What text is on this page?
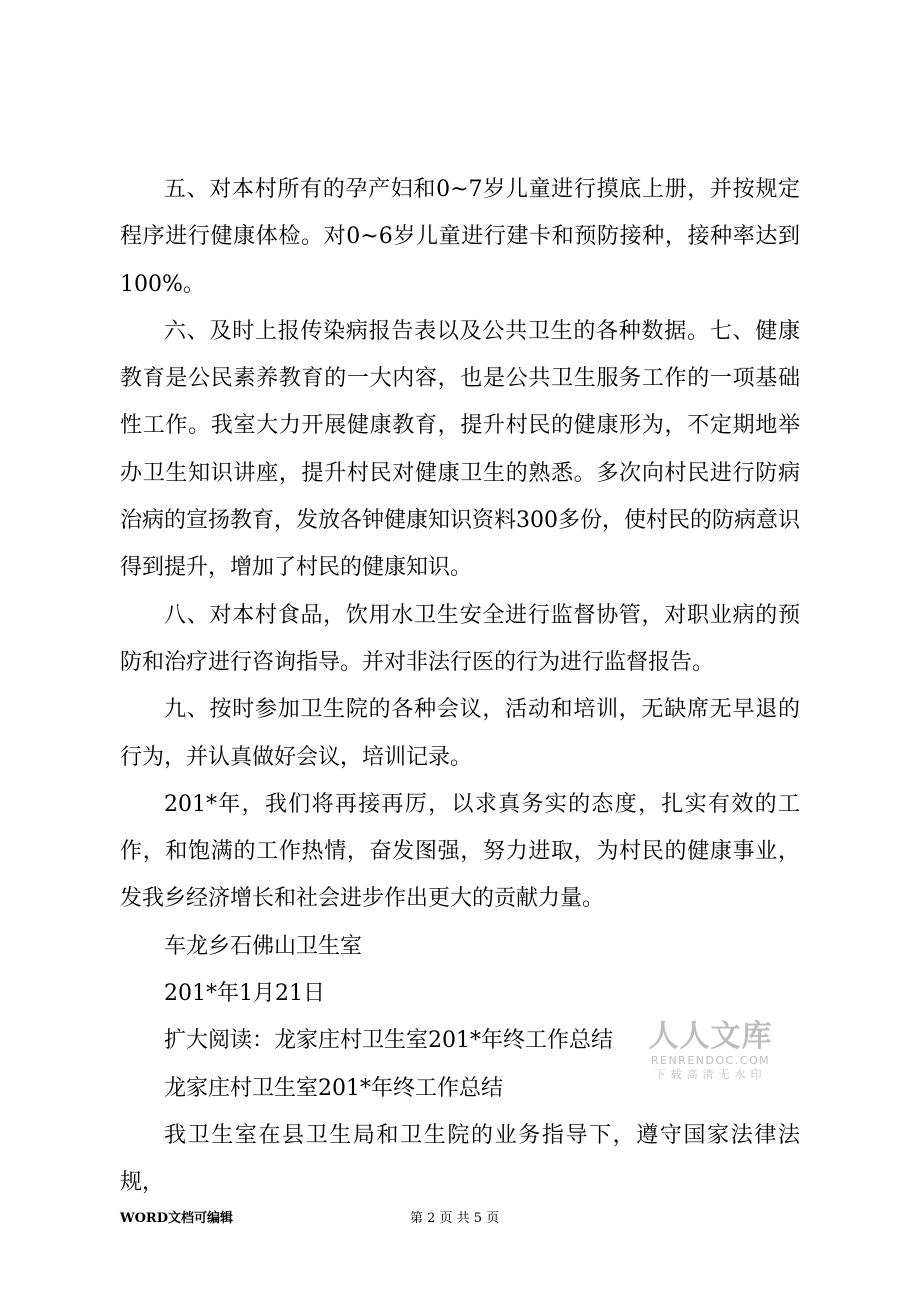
五、对本村所有的孕产妇和0~7岁儿童进行摸底上册，并按规定程序进行健康体检。对0~6岁儿童进行建卡和预防接种，接种率达到100%。

六、及时上报传染病报告表以及公共卫生的各种数据。七、健康教育是公民素养教育的一大内容，也是公共卫生服务工作的一项基础性工作。我室大力开展健康教育，提升村民的健康形为，不定期地举办卫生知识讲座，提升村民对健康卫生的熟悉。多次向村民进行防病治病的宣扬教育，发放各钟健康知识资料300多份，使村民的防病意识得到提升，增加了村民的健康知识。

八、对本村食品，饮用水卫生安全进行监督协管，对职业病的预防和治疗进行咨询指导。并对非法行医的行为进行监督报告。

九、按时参加卫生院的各种会议，活动和培训，无缺席无早退的行为，并认真做好会议，培训记录。

201*年，我们将再接再厉，以求真务实的态度，扎实有效的工作，和饱满的工作热情，奋发图强，努力进取，为村民的健康事业，发我乡经济增长和社会进步作出更大的贡献力量。

车龙乡石佛山卫生室

201*年1月21日

扩大阅读：龙家庄村卫生室201*年终工作总结

龙家庄村卫生室201*年终工作总结

我卫生室在县卫生局和卫生院的业务指导下，遵守国家法律法规，

人人文库
RENRENDOC.COM
下载高清无水印
WORD文档可编辑	第 2 页 共 5 页
